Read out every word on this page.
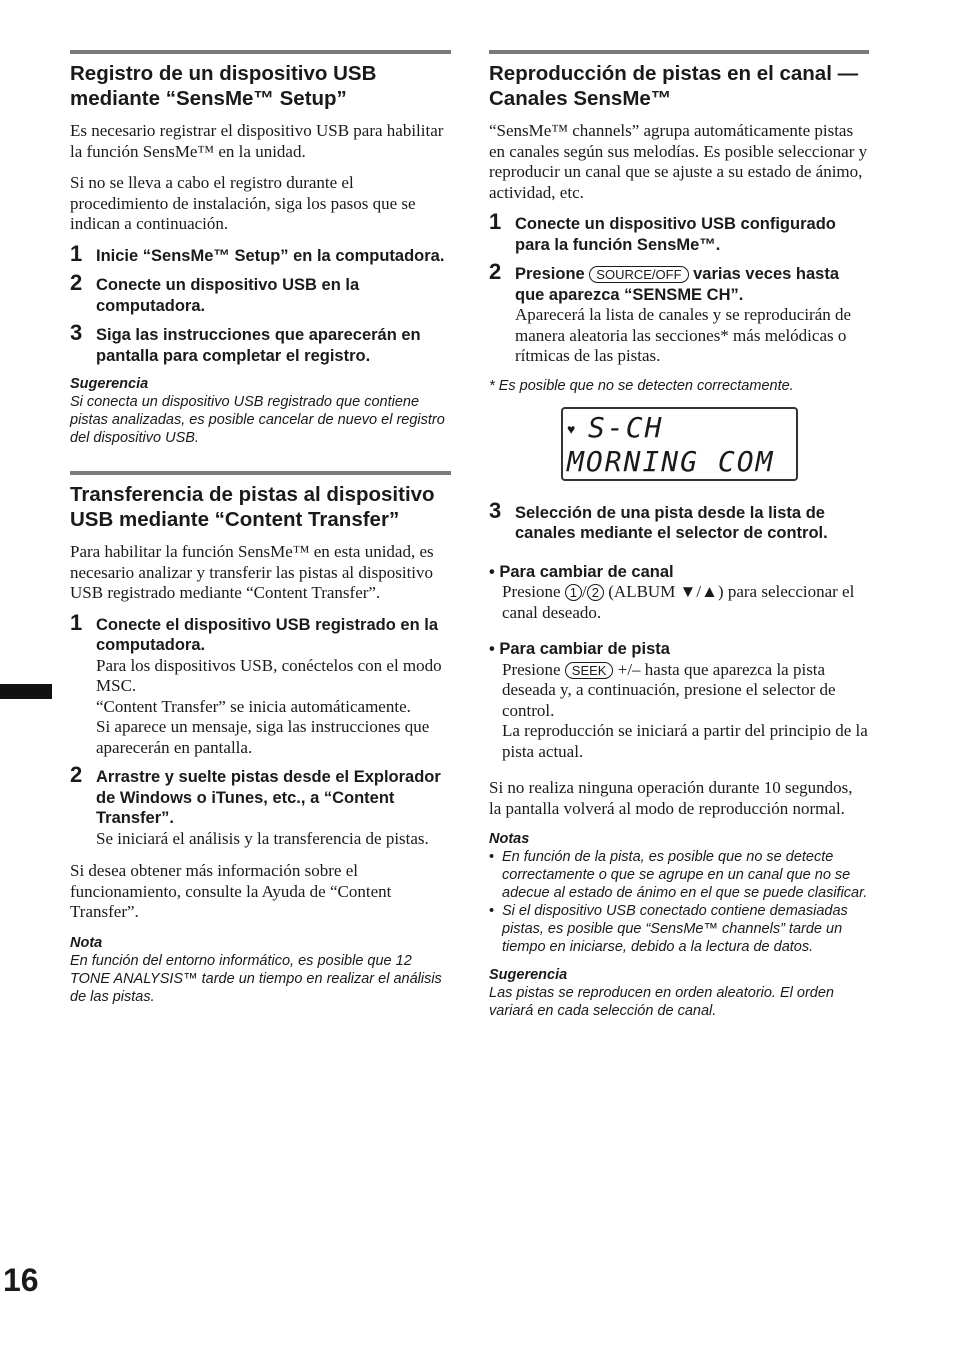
Registro de un dispositivo USB mediante “SensMe™ Setup”

Es necesario registrar el dispositivo USB para habilitar la función SensMe™ en la unidad.

Si no se lleva a cabo el registro durante el procedimiento de instalación, siga los pasos que se indican a continuación.

1 Inicie “SensMe™ Setup” en la computadora.
2 Conecte un dispositivo USB en la computadora.
3 Siga las instrucciones que aparecerán en pantalla para completar el registro.
Sugerencia

Si conecta un dispositivo USB registrado que contiene pistas analizadas, es posible cancelar de nuevo el registro del dispositivo USB.

Transferencia de pistas al dispositivo USB mediante “Content Transfer”

Para habilitar la función SensMe™ en esta unidad, es necesario analizar y transferir las pistas al dispositivo USB registrado mediante “Content Transfer”.

1 Conecte el dispositivo USB registrado en la computadora.
Para los dispositivos USB, conéctelos con el modo MSC.
“Content Transfer” se inicia automáticamente.
Si aparece un mensaje, siga las instrucciones que aparecerán en pantalla.
2 Arrastre y suelte pistas desde el Explorador de Windows o iTunes, etc., a “Content Transfer”.
Se iniciará el análisis y la transferencia de pistas.

Si desea obtener más información sobre el funcionamiento, consulte la Ayuda de “Content Transfer”.

Nota

En función del entorno informático, es posible que 12 TONE ANALYSIS™ tarde un tiempo en realizar el análisis de las pistas.

Reproducción de pistas en el canal — Canales SensMe™

“SensMe™ channels” agrupa automáticamente pistas en canales según sus melodías. Es posible seleccionar y reproducir un canal que se ajuste a su estado de ánimo, actividad, etc.

1 Conecte un dispositivo USB configurado para la función SensMe™.
2 Presione SOURCE/OFF varias veces hasta que aparezca “SENSME CH”.
Aparecerá la lista de canales y se reproducirán de manera aleatoria las secciones* más melódicas o rítmicas de las pistas.
* Es posible que no se detecten correctamente.
♥ S-CH
MORNING COM
3 Selección de una pista desde la lista de canales mediante el selector de control.
• Para cambiar de canal
Presione 1 / 2 (ALBUM ▼/▲) para seleccionar el canal deseado.
• Para cambiar de pista
Presione SEEK +/– hasta que aparezca la pista deseada y, a continuación, presione el selector de control.
La reproducción se iniciará a partir del principio de la pista actual.

Si no realiza ninguna operación durante 10 segundos, la pantalla volverá al modo de reproducción normal.

Notas
• En función de la pista, es posible que no se detecte correctamente o que se agrupe en un canal que no se adecue al estado de ánimo en el que se puede clasificar.
• Si el dispositivo USB conectado contiene demasiadas pistas, es posible que “SensMe™ channels” tarde un tiempo en iniciarse, debido a la lectura de datos.
Sugerencia

Las pistas se reproducen en orden aleatorio. El orden variará en cada selección de canal.

16
